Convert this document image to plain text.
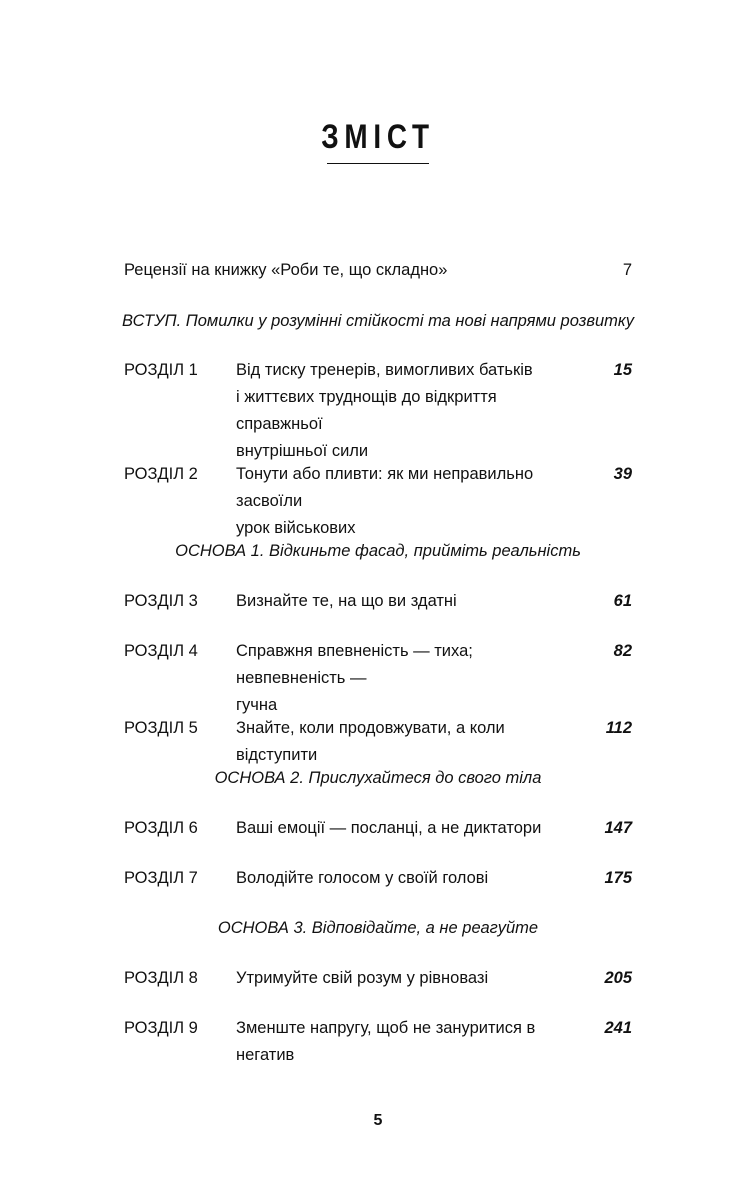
ЗМІСТ
Рецензії на книжку «Роби те, що складно»	7
ВСТУП. Помилки у розумінні стійкості та нові напрями розвитку
РОЗДІЛ 1 Від тиску тренерів, вимогливих батьків
і життєвих труднощів до відкриття справжньої
внутрішньої сили
15
РОЗДІЛ 2 Тонути або пливти: як ми неправильно засвоїли
урок військових
39
ОСНОВА 1. Відкиньте фасад, прийміть реальність
РОЗДІЛ 3 Визнайте те, на що ви здатні	61
РОЗДІЛ 4 Справжня впевненість — тиха; невпевненість —
гучна
82
РОЗДІЛ 5 Знайте, коли продовжувати, а коли відступити
112
ОСНОВА 2. Прислухайтеся до свого тіла
РОЗДІЛ 6 Ваші емоції — посланці, а не диктатори	147
РОЗДІЛ 7 Володійте голосом у своїй голові	175
ОСНОВА 3. Відповідайте, а не реагуйте
РОЗДІЛ 8 Утримуйте свій розум у рівновазі	205
РОЗДІЛ 9 Зменште напругу, щоб не зануритися в негатив
241
5
